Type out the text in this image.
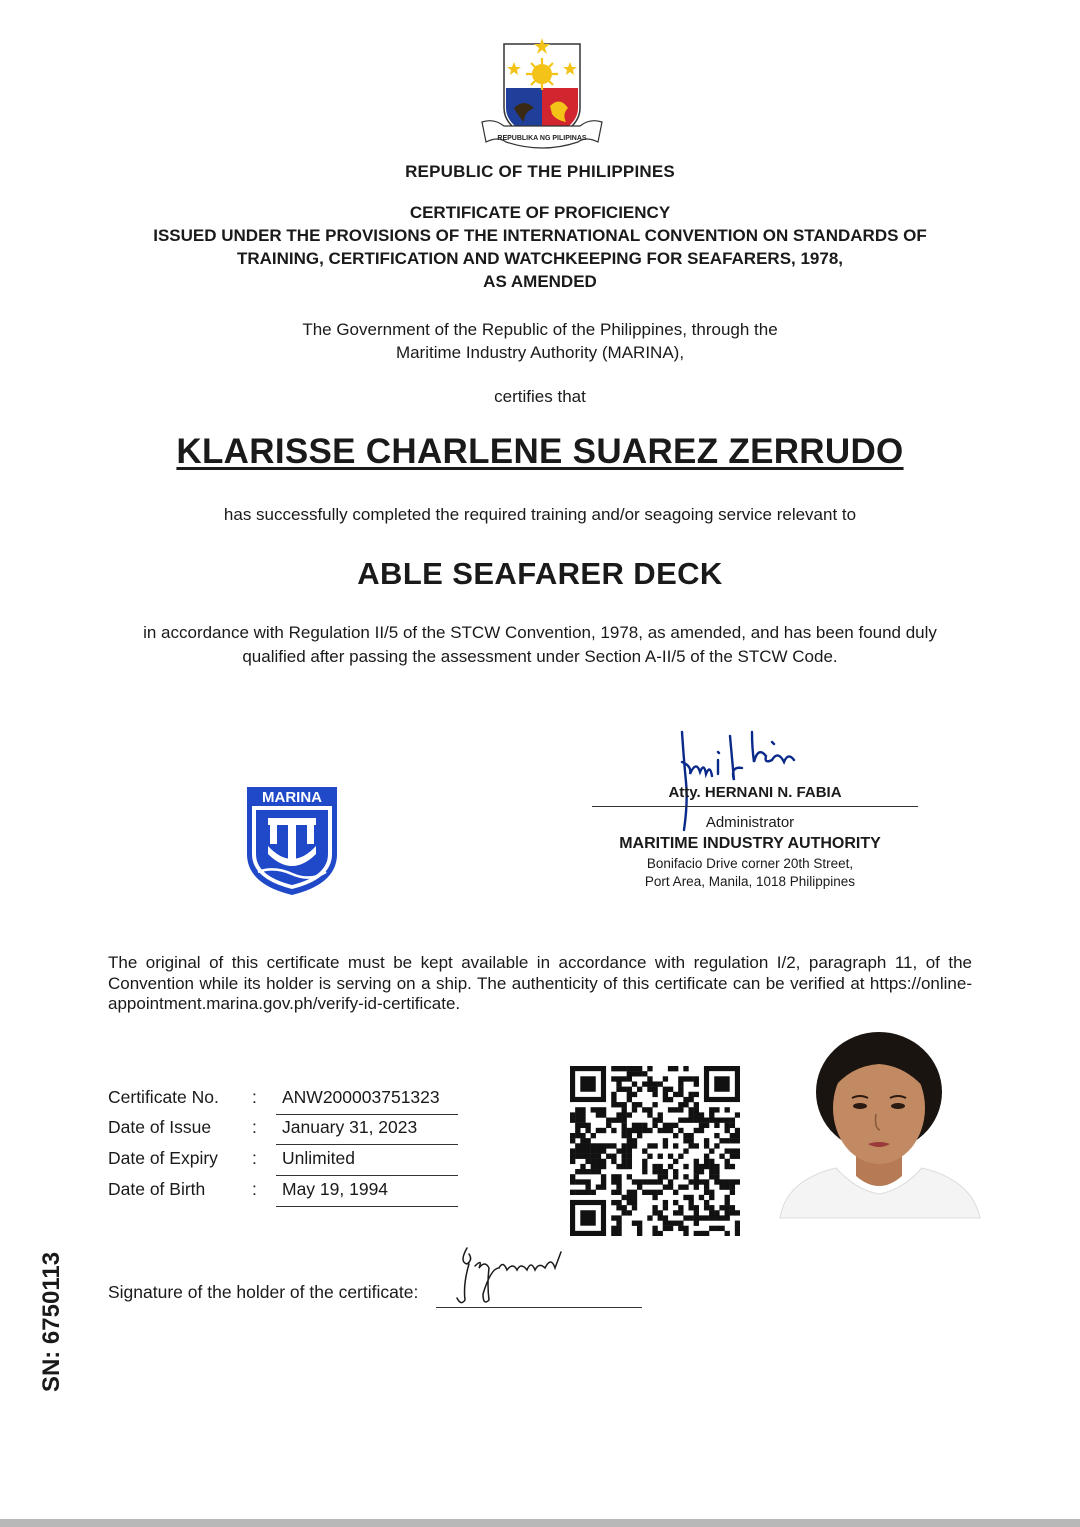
REPUBLIKA NG PILIPINAS
REPUBLIC OF THE PHILIPPINES
CERTIFICATE OF PROFICIENCY
ISSUED UNDER THE PROVISIONS OF THE INTERNATIONAL CONVENTION ON STANDARDS OF
TRAINING, CERTIFICATION AND WATCHKEEPING FOR SEAFARERS, 1978,
AS AMENDED
The Government of the Republic of the Philippines, through the
Maritime Industry Authority (MARINA),
certifies that
KLARISSE CHARLENE SUAREZ ZERRUDO
has successfully completed the required training and/or seagoing service relevant to
ABLE SEAFARER DECK
in accordance with Regulation II/5 of the STCW Convention, 1978, as amended, and has been found duly
qualified after passing the assessment under Section A-II/5 of the STCW Code.
MARINA	Atty. HERNANI N. FABIA
Administrator
MARITIME INDUSTRY AUTHORITY
Bonifacio Drive corner 20th Street,
Port Area, Manila, 1018 Philippines
The original of this certificate must be kept available in accordance with regulation I/2, paragraph 11, of the Convention while its holder is serving on a ship. The authenticity of this certificate can be verified at https://online-appointment.marina.gov.ph/verify-id-certificate.
Certificate No. : ANW200003751323
Date of Issue : January 31, 2023
Date of Expiry : Unlimited
Date of Birth	: May 19, 1994
Signature of the holder of the certificate:
SN: 6750113
